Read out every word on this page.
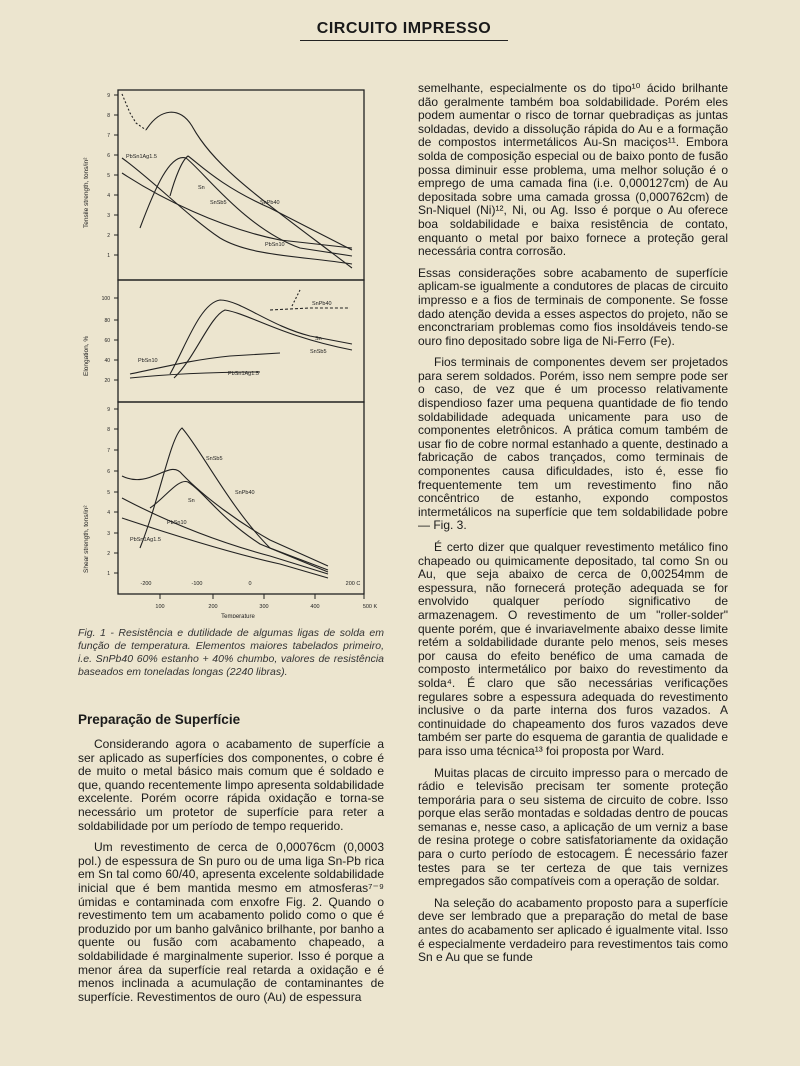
CIRCUITO IMPRESSO
1
2
3
4
5
6
7
8
9
20
40
60
80
100
1
2
3
4
5
6
7
8
9
Tensile strength, tons/in²
Elongation, %
Shear strength, tons/in²
PbSn1Ag1.5
Sn
SnSb5	SnPb40
PbSn10
SnPb40
Sn
SnSb5
PbSn10
PbSn1Ag1.5
SnSb5
SnPb40
Sn
PbSn10
PbSn1Ag1.5
-200	-100	0	200 C
100	200	300	400	500 K
Temperature
Fig. 1 - Resistência e dutilidade de algumas ligas de solda em função de temperatura. Elementos maiores tabelados primeiro, i.e. SnPb40 60% estanho + 40% chumbo, valores de resistência baseados em toneladas longas (2240 libras).
Preparação de Superfície

Considerando agora o acabamento de superfície a ser aplicado as superfícies dos componentes, o cobre é de muito o metal básico mais comum que é soldado e que, quando recentemente limpo apresenta soldabilidade excelente. Porém ocorre rápida oxidação e torna-se necessário um protetor de superfície para reter a soldabilidade por um período de tempo requerido.

Um revestimento de cerca de 0,00076cm (0,0003 pol.) de espessura de Sn puro ou de uma liga Sn-Pb rica em Sn tal como 60/40, apresenta excelente soldabilidade inicial que é bem mantida mesmo em atmosferas⁷⁻⁹ úmidas e contaminada com enxofre Fig. 2. Quando o revestimento tem um acabamento polido como o que é produzido por um banho galvânico brilhante, por banho a quente ou fusão com acabamento chapeado, a soldabilidade é marginalmente superior. Isso é porque a menor área da superfície real retarda a oxidação e é menos inclinada a acumulação de contaminantes de superfície. Revestimentos de ouro (Au) de espessura

semelhante, especialmente os do tipo¹⁰ ácido brilhante dão geralmente também boa soldabilidade. Porém eles podem aumentar o risco de tornar quebradiças as juntas soldadas, devido a dissolução rápida do Au e a formação de compostos intermetálicos Au-Sn maciços¹¹. Embora solda de composição especial ou de baixo ponto de fusão possa diminuir esse problema, uma melhor solução é o emprego de uma camada fina (i.e. 0,000127cm) de Au depositada sobre uma camada grossa (0,000762cm) de Sn-Niquel (Ni)¹², Ni, ou Ag. Isso é porque o Au oferece boa soldabilidade e baixa resistência de contato, enquanto o metal por baixo fornece a proteção geral necessária contra corrosão.

Essas considerações sobre acabamento de superfície aplicam-se igualmente a condutores de placas de circuito impresso e a fios de terminais de componente. Se fosse dado atenção devida a esses aspectos do projeto, não se enconctrariam problemas como fios insoldáveis tendo-se ouro fino depositado sobre liga de Ni-Ferro (Fe).

Fios terminais de componentes devem ser projetados para serem soldados. Porém, isso nem sempre pode ser o caso, de vez que é um processo relativamente dispendioso fazer uma pequena quantidade de fio tendo soldabilidade adequada unicamente para uso de componentes eletrônicos. A prática comum também de usar fio de cobre normal estanhado a quente, destinado a fabricação de cabos trançados, como terminais de componentes causa dificuldades, isto é, esse fio frequentemente tem um revestimento fino não concêntrico de estanho, expondo compostos intermetálicos na superfície que tem soldabilidade pobre — Fig. 3.

É certo dizer que qualquer revestimento metálico fino chapeado ou quimicamente depositado, tal como Sn ou Au, que seja abaixo de cerca de 0,00254mm de espessura, não fornecerá proteção adequada se for envolvido qualquer período significativo de armazenagem. O revestimento de um "roller-solder" quente porém, que é invariavelmente abaixo desse limite retém a soldabilidade durante pelo menos, seis meses por causa do efeito benéfico de uma camada de composto intermetálico por baixo do revestimento da solda⁴. É claro que são necessárias verificações regulares sobre a espessura adequada do revestimento inclusive o da parte interna dos furos vazados. A continuidade do chapeamento dos furos vazados deve também ser parte do esquema de garantia de qualidade e para isso uma técnica¹³ foi proposta por Ward.

Muitas placas de circuito impresso para o mercado de rádio e televisão precisam ter somente proteção temporária para o seu sistema de circuito de cobre. Isso porque elas serão montadas e soldadas dentro de poucas semanas e, nesse caso, a aplicação de um verniz a base de resina protege o cobre satisfatoriamente da oxidação para o curto período de estocagem. É necessário fazer testes para se ter certeza de que tais vernizes empregados são compatíveis com a operação de soldar.

Na seleção do acabamento proposto para a superfície deve ser lembrado que a preparação do metal de base antes do acabamento ser aplicado é igualmente vital. Isso é especialmente verdadeiro para revestimentos tais como Sn e Au que se funde
